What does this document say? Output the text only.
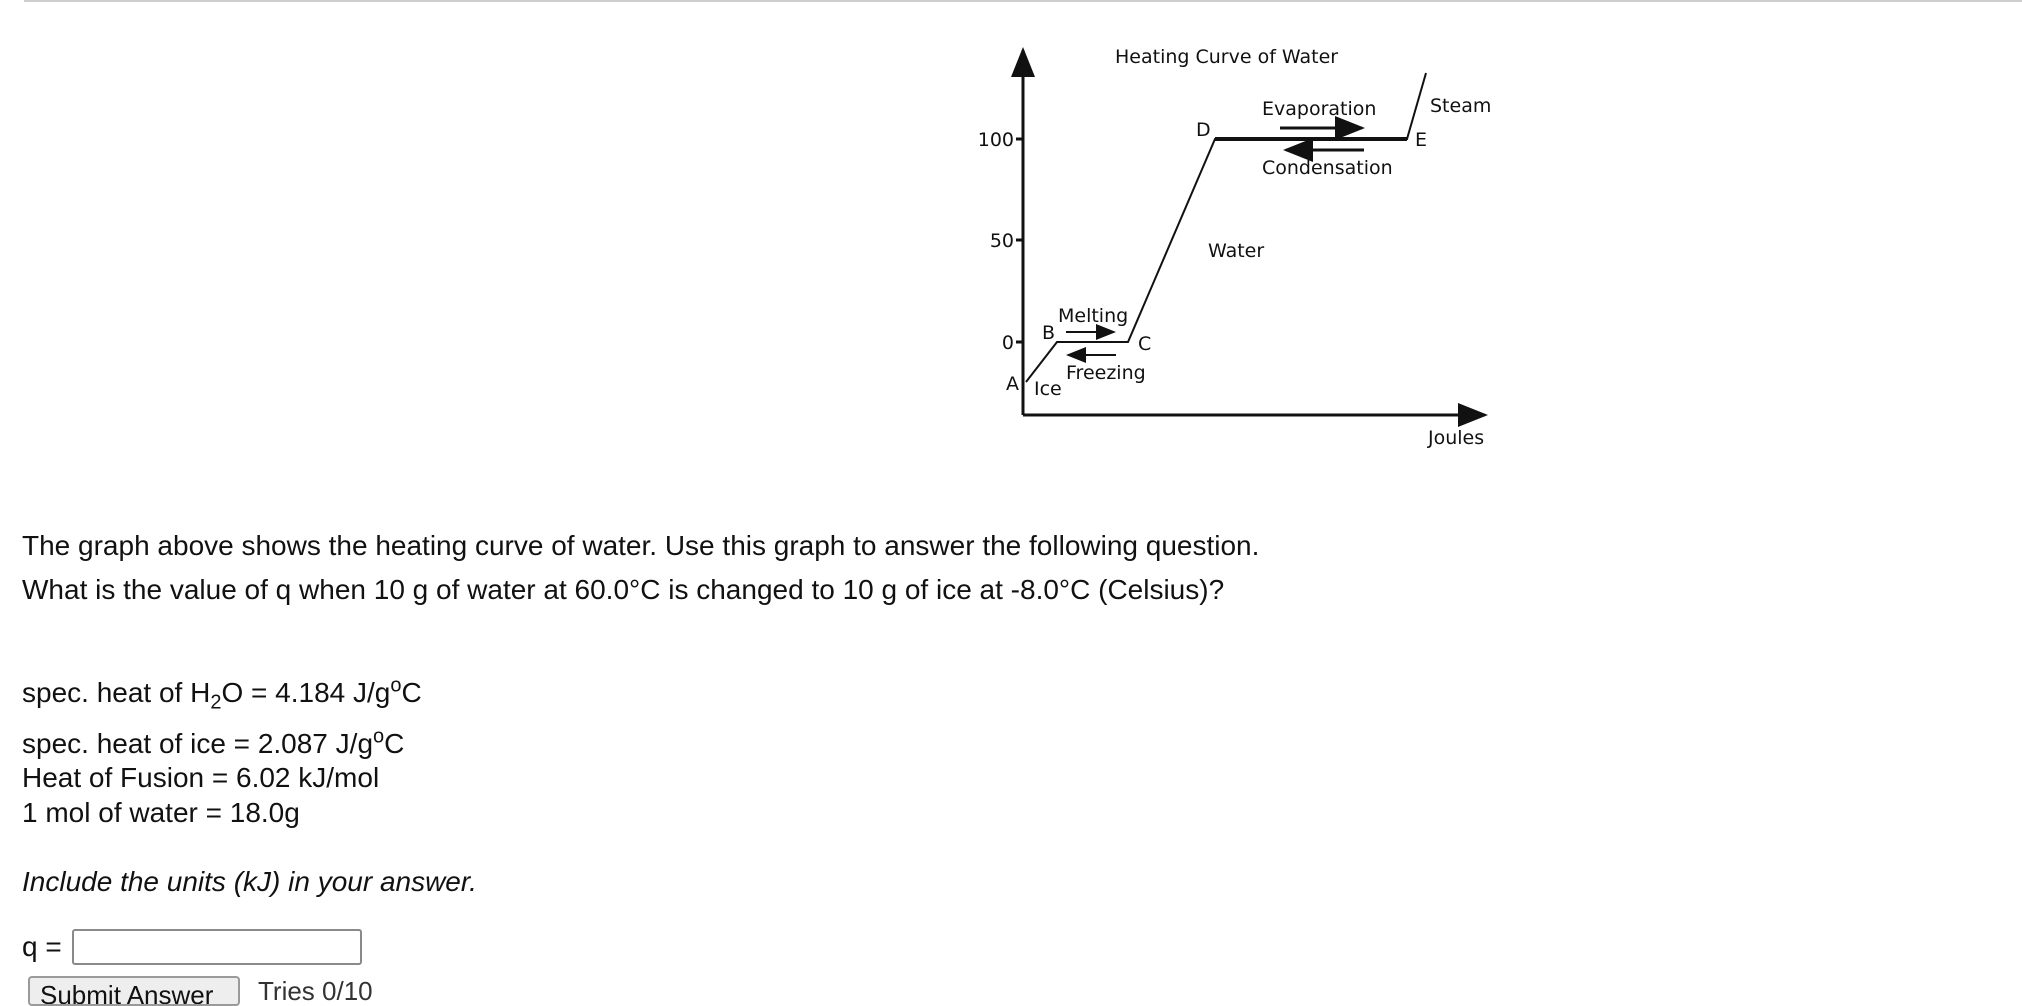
100
50
0
A
B	C
D	E
Heating Curve of Water
Ice
Water
Steam
Melting
Freezing
Evaporation
Condensation
Joules
The graph above shows the heating curve of water. Use this graph to answer the following question.
What is the value of q when 10 g of water at 60.0°C is changed to 10 g of ice at -8.0°C (Celsius)?
spec. heat of $H_2O = 4.184$ $J/g^oC$
spec. heat of ice = 2.087 $J/g^oC$
Heat of Fusion = 6.02 kJ/mol
1 mol of water = 18.0g
Include the units (kJ) in your answer.
q =
Submit Answer	Tries 0/10
